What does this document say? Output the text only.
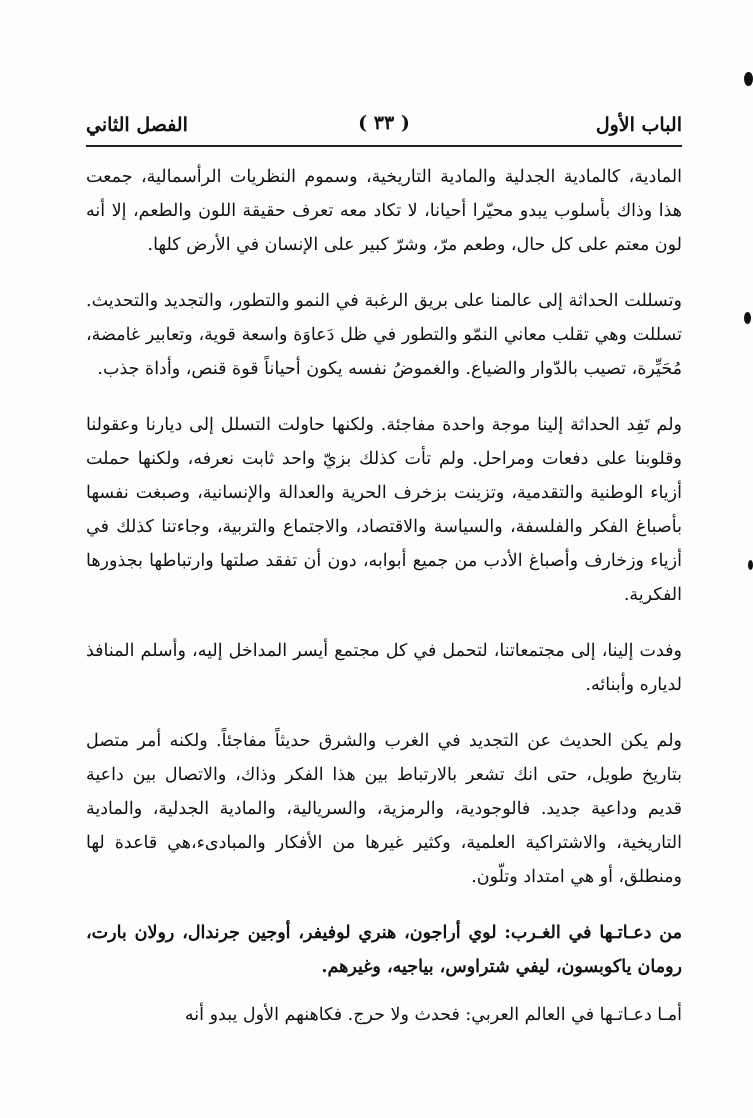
الباب الأول
( ٣٣ )
الفصل الثاني

المادية، كالمادية الجدلية والمادية التاريخية، وسموم النظريات الرأسمالية، جمعت هذا وذاك بأسلوب يبدو محيّرا أحيانا، لا تكاد معه تعرف حقيقة اللون والطعم، إلا أنه لون معتم على كل حال، وطعم مرّ، وشرّ كبير على الإنسان في الأرض كلها.

وتسللت الحداثة إلى عالمنا على بريق الرغبة في النمو والتطور، والتجديد والتحديث. تسللت وهي تقلب معاني النمّو والتطور في ظل دَعاوَة واسعة قوية، وتعابير غامضة، مُحَيِّرة، تصيب بالدّوار والضياع. والغموضُ نفسه يكون أحياناً قوة قنص، وأداة جذب.

ولم تَفِد الحداثة إلينا موجة واحدة مفاجئة. ولكنها حاولت التسلل إلى ديارنا وعقولنا وقلوبنا على دفعات ومراحل. ولم تأت كذلك بزيّ واحد ثابت نعرفه، ولكنها حملت أزياء الوطنية والتقدمية، وتزينت بزخرف الحرية والعدالة والإنسانية، وصبغت نفسها بأصباغ الفكر والفلسفة، والسياسة والاقتصاد، والاجتماع والتربية، وجاءتنا كذلك في أزياء وزخارف وأصباغ الأدب من جميع أبوابه، دون أن تفقد صلتها وارتباطها بجذورها الفكرية.

وفدت إلينا، إلى مجتمعاتنا، لتحمل في كل مجتمع أيسر المداخل إليه، وأسلم المنافذ لدياره وأبنائه.

ولم يكن الحديث عن التجديد في الغرب والشرق حديثاً مفاجئاً. ولكنه أمر متصل بتاريخ طويل، حتى انك تشعر بالارتباط بين هذا الفكر وذاك، والاتصال بين داعية قديم وداعية جديد. فالوجودية، والرمزية، والسريالية، والمادية الجدلية، والمادية التاريخية، والاشتراكية العلمية، وكثير غيرها من الأفكار والمبادىء،هي قاعدة لها ومنطلق، أو هي امتداد وتلّون.

من دعـاتـها في الغـرب: لوي أراجون، هنري لوفيفر، أوجين جرندال، رولان بارت، رومان ياكوبسون، ليفي شتراوس، بياجيه، وغيرهم.

أمـا دعـاتـها في العالم العربي: فحدث ولا حرج. فكاهنهم الأول يبدو أنه
